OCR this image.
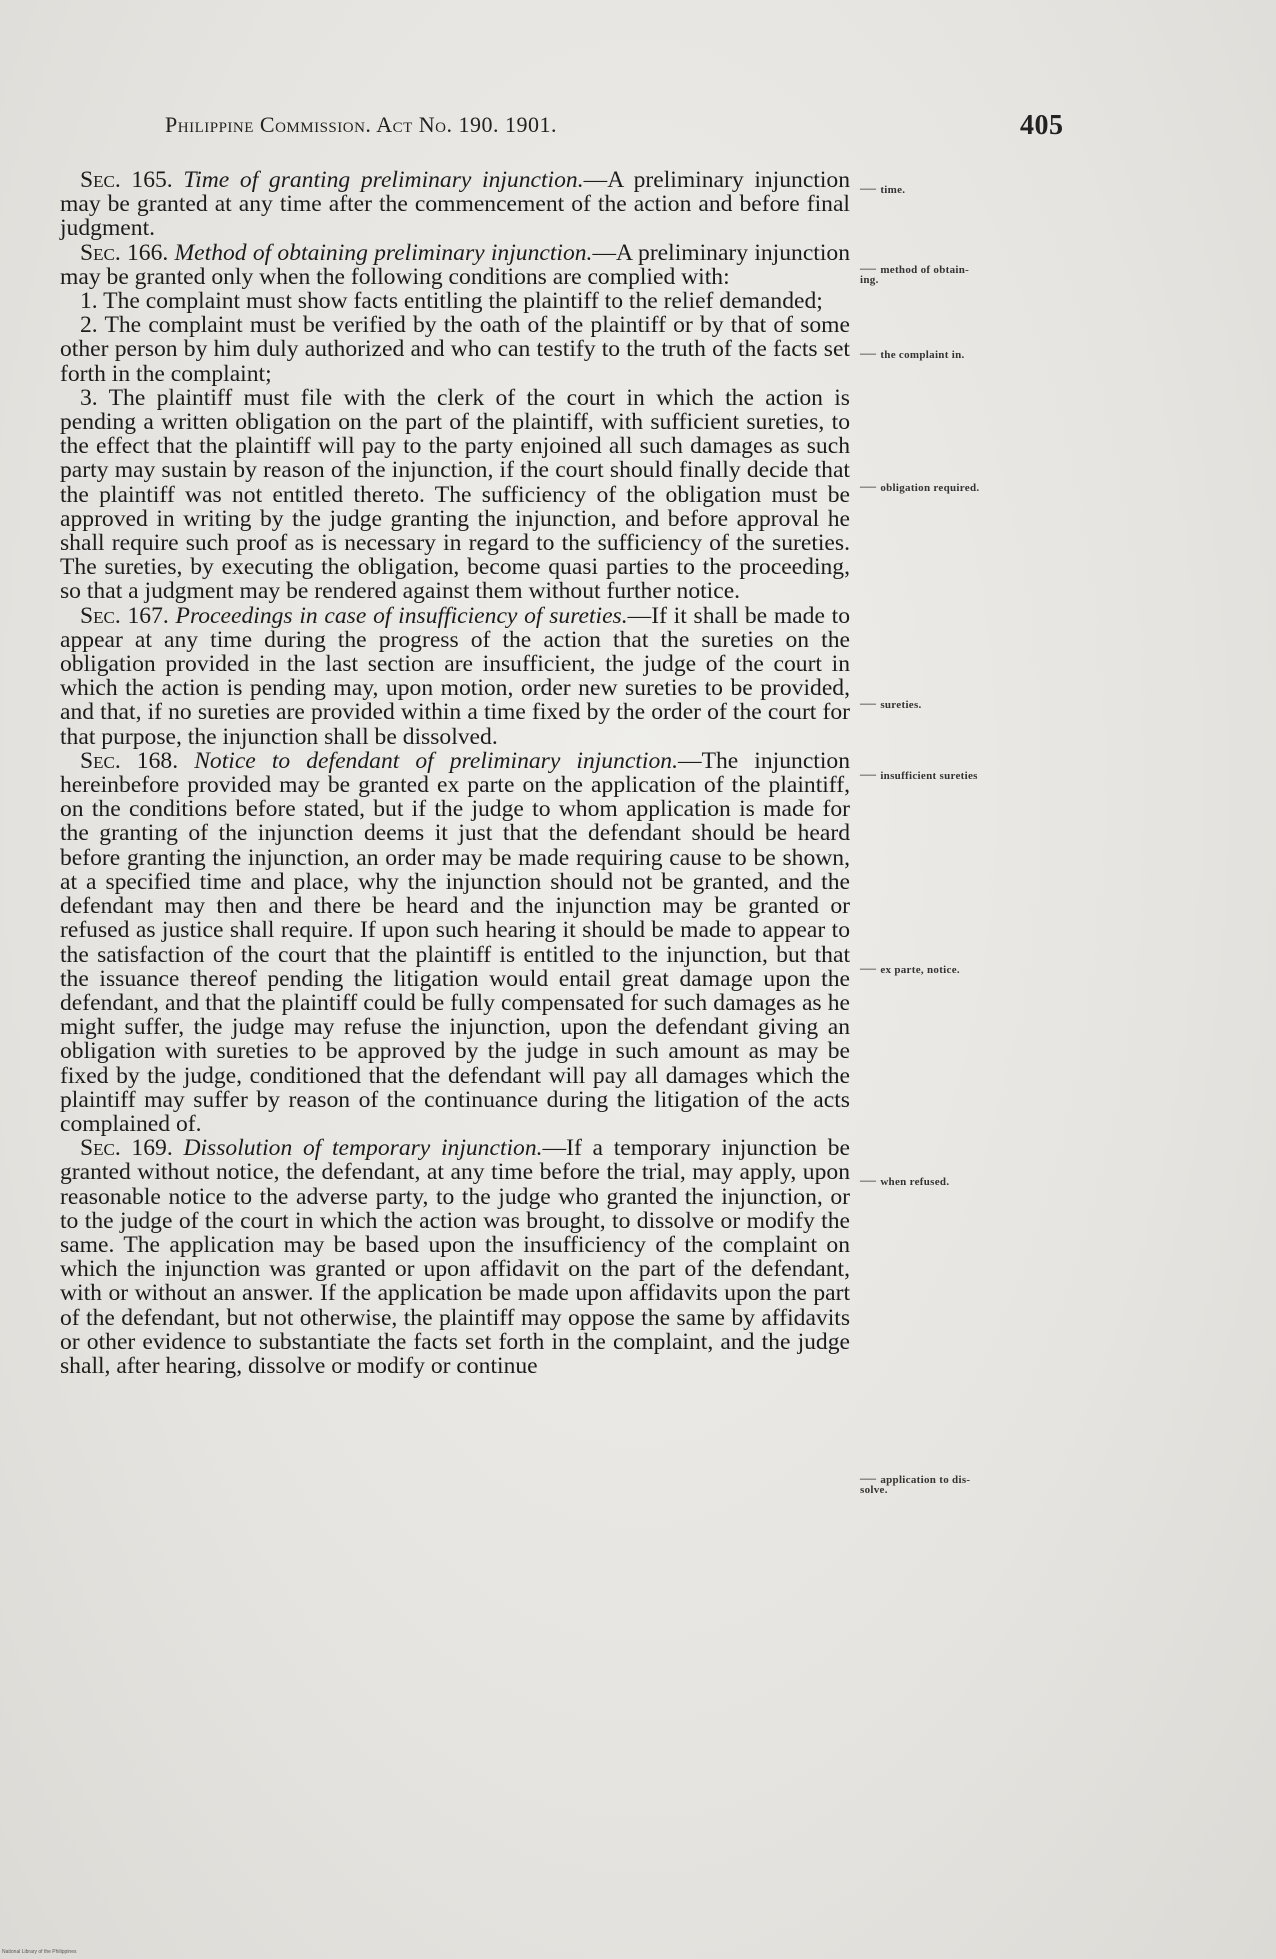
Philippine Commission. Act No. 190. 1901.	405

Sec. 165. Time of granting preliminary injunction.—A preliminary injunction may be granted at any time after the commencement of the action and before final judgment.

Sec. 166. Method of obtaining preliminary injunction.—A preliminary injunction may be granted only when the following conditions are complied with:

1. The complaint must show facts entitling the plaintiff to the relief demanded;

2. The complaint must be verified by the oath of the plaintiff or by that of some other person by him duly authorized and who can testify to the truth of the facts set forth in the complaint;

3. The plaintiff must file with the clerk of the court in which the action is pending a written obligation on the part of the plaintiff, with sufficient sureties, to the effect that the plaintiff will pay to the party enjoined all such damages as such party may sustain by reason of the injunction, if the court should finally decide that the plaintiff was not entitled thereto. The sufficiency of the obligation must be approved in writing by the judge granting the injunction, and before approval he shall require such proof as is necessary in regard to the sufficiency of the sureties. The sureties, by executing the obligation, become quasi parties to the proceeding, so that a judgment may be rendered against them without further notice.

Sec. 167. Proceedings in case of insufficiency of sureties.—If it shall be made to appear at any time during the progress of the action that the sureties on the obligation provided in the last section are insufficient, the judge of the court in which the action is pending may, upon motion, order new sureties to be provided, and that, if no sureties are provided within a time fixed by the order of the court for that purpose, the injunction shall be dissolved.

Sec. 168. Notice to defendant of preliminary injunction.—The injunction hereinbefore provided may be granted ex parte on the application of the plaintiff, on the conditions before stated, but if the judge to whom application is made for the granting of the injunction deems it just that the defendant should be heard before granting the injunction, an order may be made requiring cause to be shown, at a specified time and place, why the injunction should not be granted, and the defendant may then and there be heard and the injunction may be granted or refused as justice shall require. If upon such hearing it should be made to appear to the satisfaction of the court that the plaintiff is entitled to the injunction, but that the issuance thereof pending the litigation would entail great damage upon the defendant, and that the plaintiff could be fully compensated for such damages as he might suffer, the judge may refuse the injunction, upon the defendant giving an obligation with sureties to be approved by the judge in such amount as may be fixed by the judge, conditioned that the defendant will pay all damages which the plaintiff may suffer by reason of the continuance during the litigation of the acts complained of.

Sec. 169. Dissolution of temporary injunction.—If a temporary injunction be granted without notice, the defendant, at any time before the trial, may apply, upon reasonable notice to the adverse party, to the judge who granted the injunction, or to the judge of the court in which the action was brought, to dissolve or modify the same. The application may be based upon the insufficiency of the complaint on which the injunction was granted or upon affidavit on the part of the defendant, with or without an answer. If the application be made upon affidavits upon the part of the defendant, but not otherwise, the plaintiff may oppose the same by affidavits or other evidence to substantiate the facts set forth in the complaint, and the judge shall, after hearing, dissolve or modify or continue

— time.
— method of obtain-
ing.
— the complaint in.
— obligation required.
— sureties.
— insufficient sureties
— ex parte, notice.
— when refused.
— application to dis-
solve.
National Library of the Philippines
